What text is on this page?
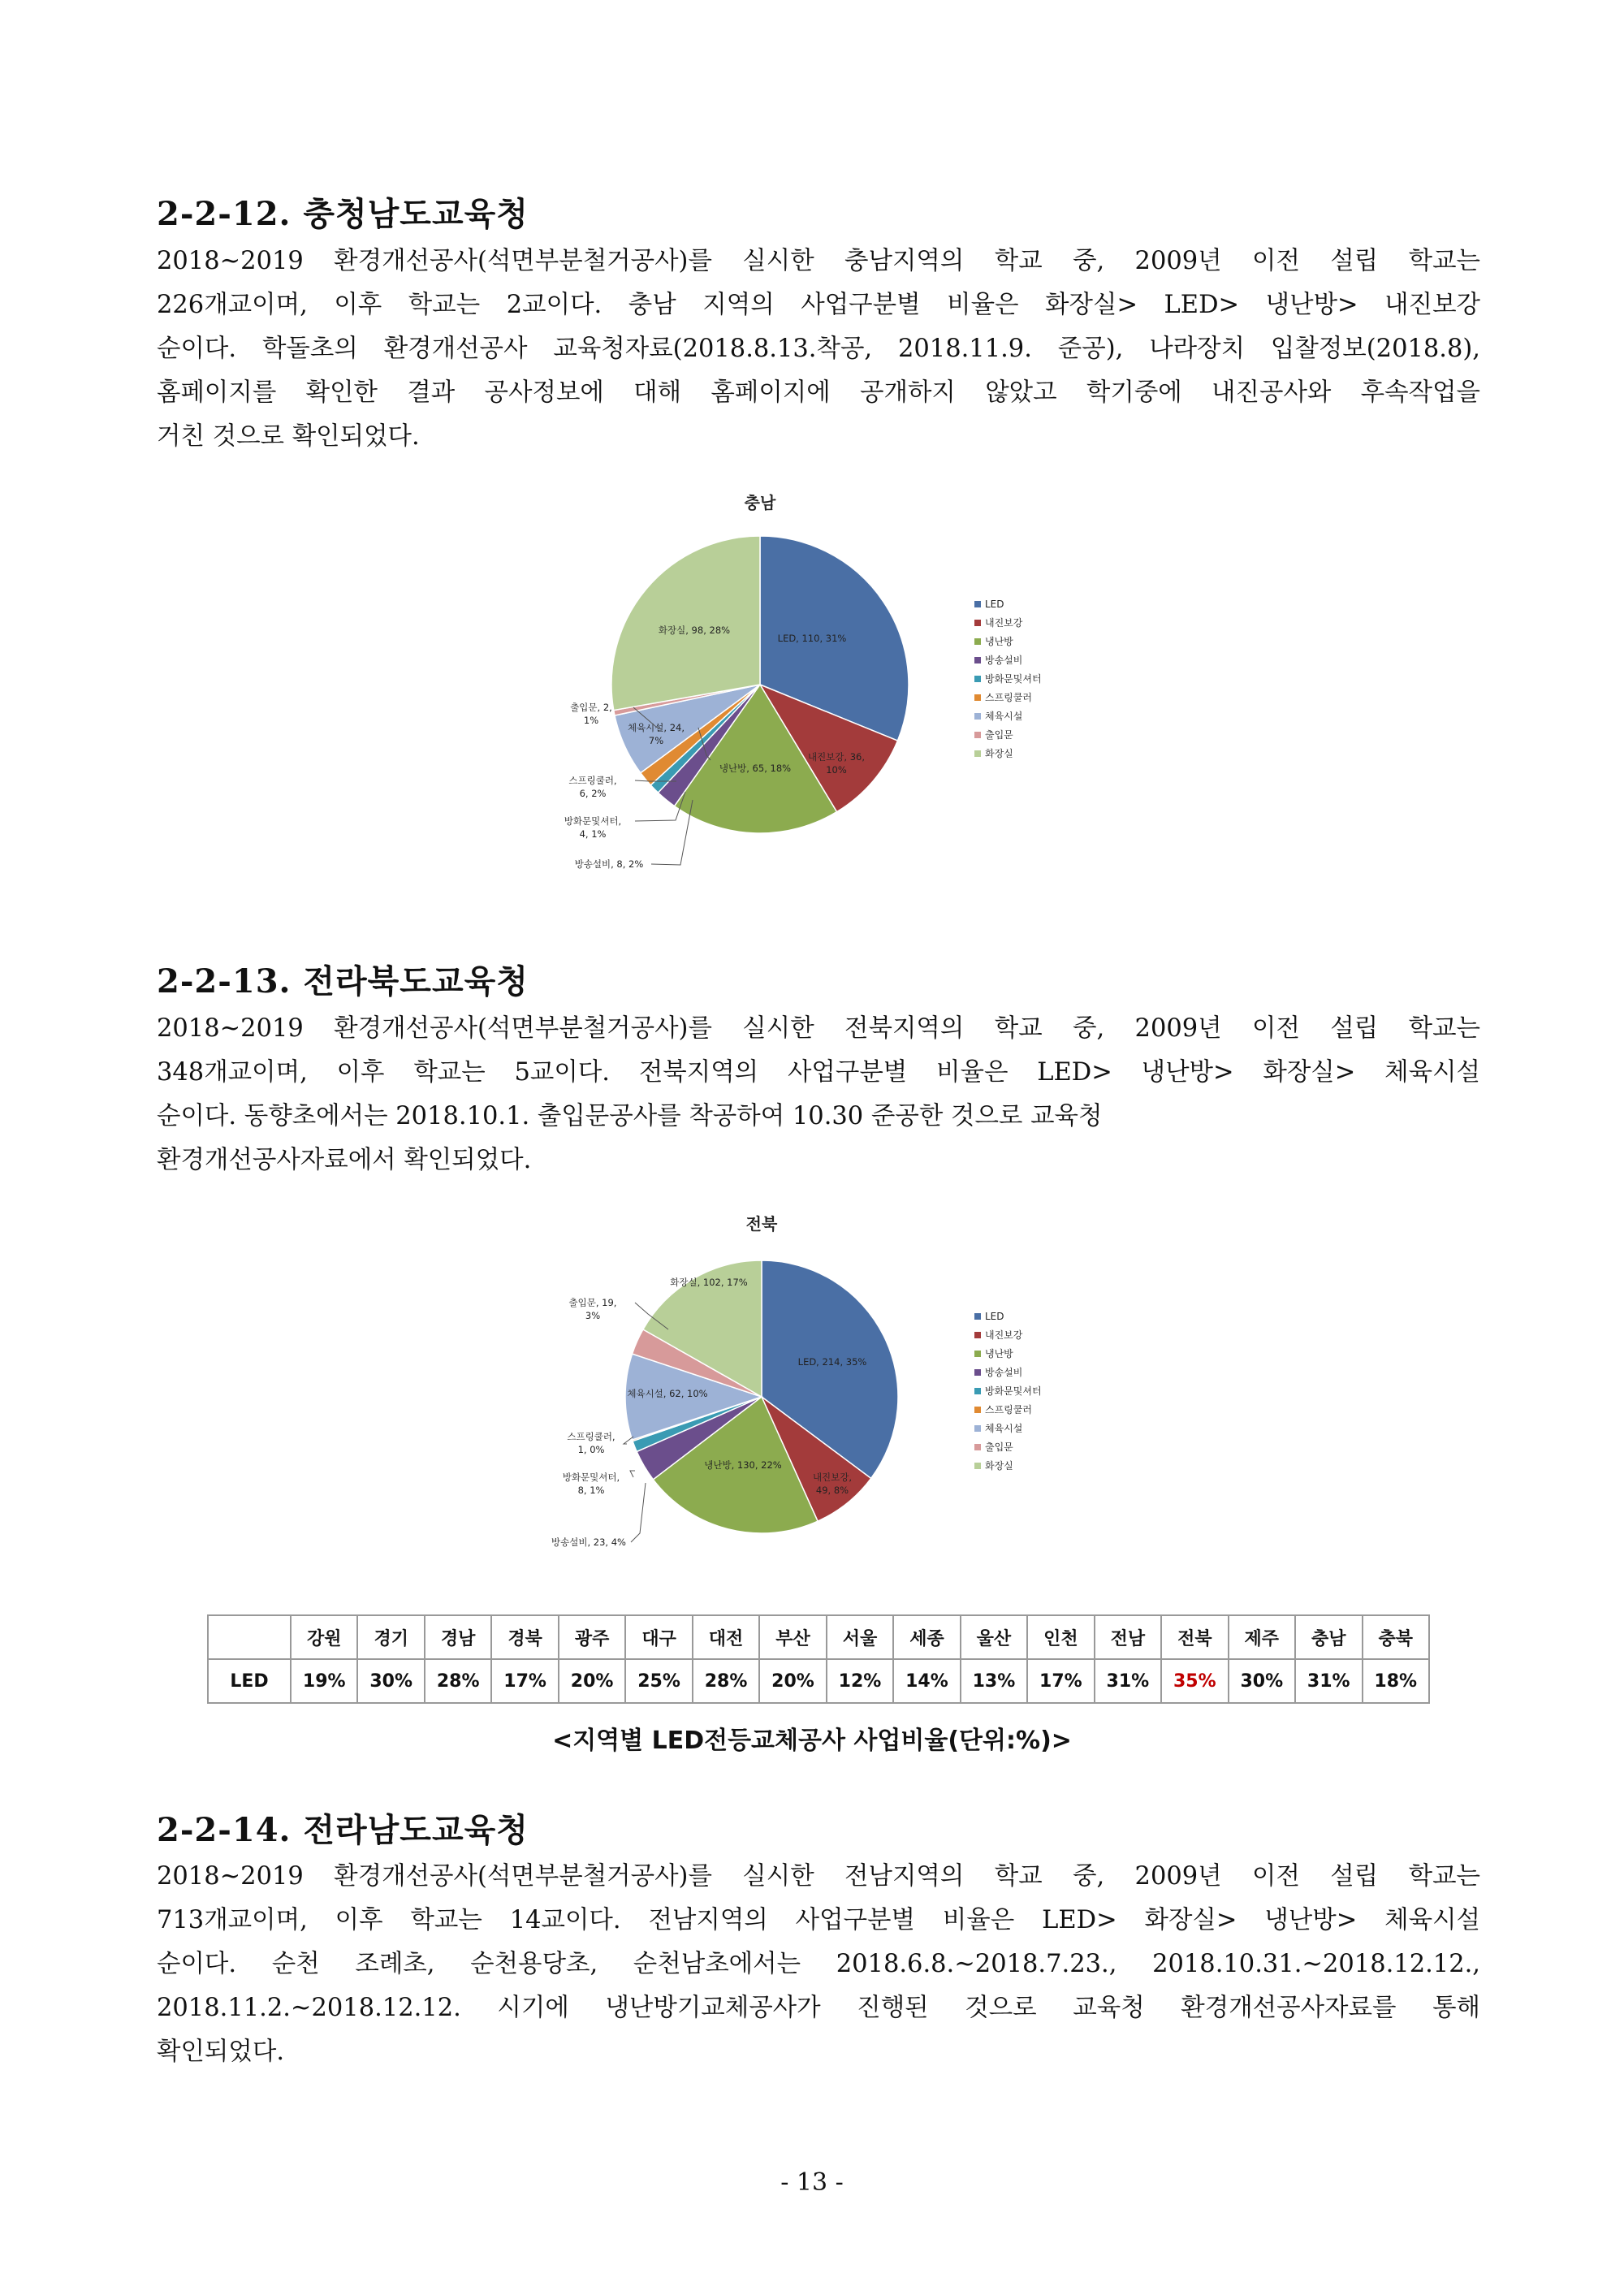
2-2-12. 충청남도교육청
2018~2019 환경개선공사(석면부분철거공사)를 실시한 충남지역의 학교 중, 2009년 이전 설립 학교는
226개교이며, 이후 학교는 2교이다. 충남 지역의 사업구분별 비율은 화장실> LED> 냉난방> 내진보강
순이다. 학돌초의 환경개선공사 교육청자료(2018.8.13.착공, 2018.11.9. 준공), 나라장치 입찰정보(2018.8),
홈페이지를 확인한 결과 공사정보에 대해 홈페이지에 공개하지 않았고 학기중에 내진공사와 후속작업을
거친 것으로 확인되었다.
충남
LED, 110, 31%
내진보강, 36, 10%
냉난방, 65, 18%
방송설비, 8, 2%
방화문및셔터, 4, 1%
스프링쿨러, 6, 2%
체육시설, 24, 7%
출입문, 2, 1%
화장실, 98, 28%
LED
내진보강
냉난방
방송설비
방화문및셔터
스프링쿨러
체육시설
출입문
화장실
2-2-13. 전라북도교육청
2018~2019 환경개선공사(석면부분철거공사)를 실시한 전북지역의 학교 중, 2009년 이전 설립 학교는
348개교이며, 이후 학교는 5교이다. 전북지역의 사업구분별 비율은 LED> 냉난방> 화장실> 체육시설
순이다. 동향초에서는 2018.10.1. 출입문공사를 착공하여 10.30 준공한 것으로 교육청
환경개선공사자료에서 확인되었다.
전북
LED, 214, 35%
내진보강, 49, 8%
냉난방, 130, 22%
방송설비, 23, 4%
방화문및셔터, 8, 1%
스프링쿨러, 1, 0%
체육시설, 62, 10%
출입문, 19, 3%
화장실, 102, 17%
LED
내진보강
냉난방
방송설비
방화문및셔터
스프링쿨러
체육시설
출입문
화장실
	강원	경기	경남	경북	광주	대구	대전	부산	서울	세종	울산	인천	전남	전북	제주	충남	충북
LED	19%	30%	28%	17%	20%	25%	28%	20%	12%	14%	13%	17%	31%	35%	30%	31%	18%
<지역별 LED전등교체공사 사업비율(단위:%)>
2-2-14. 전라남도교육청
2018~2019 환경개선공사(석면부분철거공사)를 실시한 전남지역의 학교 중, 2009년 이전 설립 학교는
713개교이며, 이후 학교는 14교이다. 전남지역의 사업구분별 비율은 LED> 화장실> 냉난방> 체육시설
순이다. 순천 조례초, 순천용당초, 순천남초에서는 2018.6.8.~2018.7.23., 2018.10.31.~2018.12.12.,
2018.11.2.~2018.12.12. 시기에 냉난방기교체공사가 진행된 것으로 교육청 환경개선공사자료를 통해
확인되었다.
- 13 -
